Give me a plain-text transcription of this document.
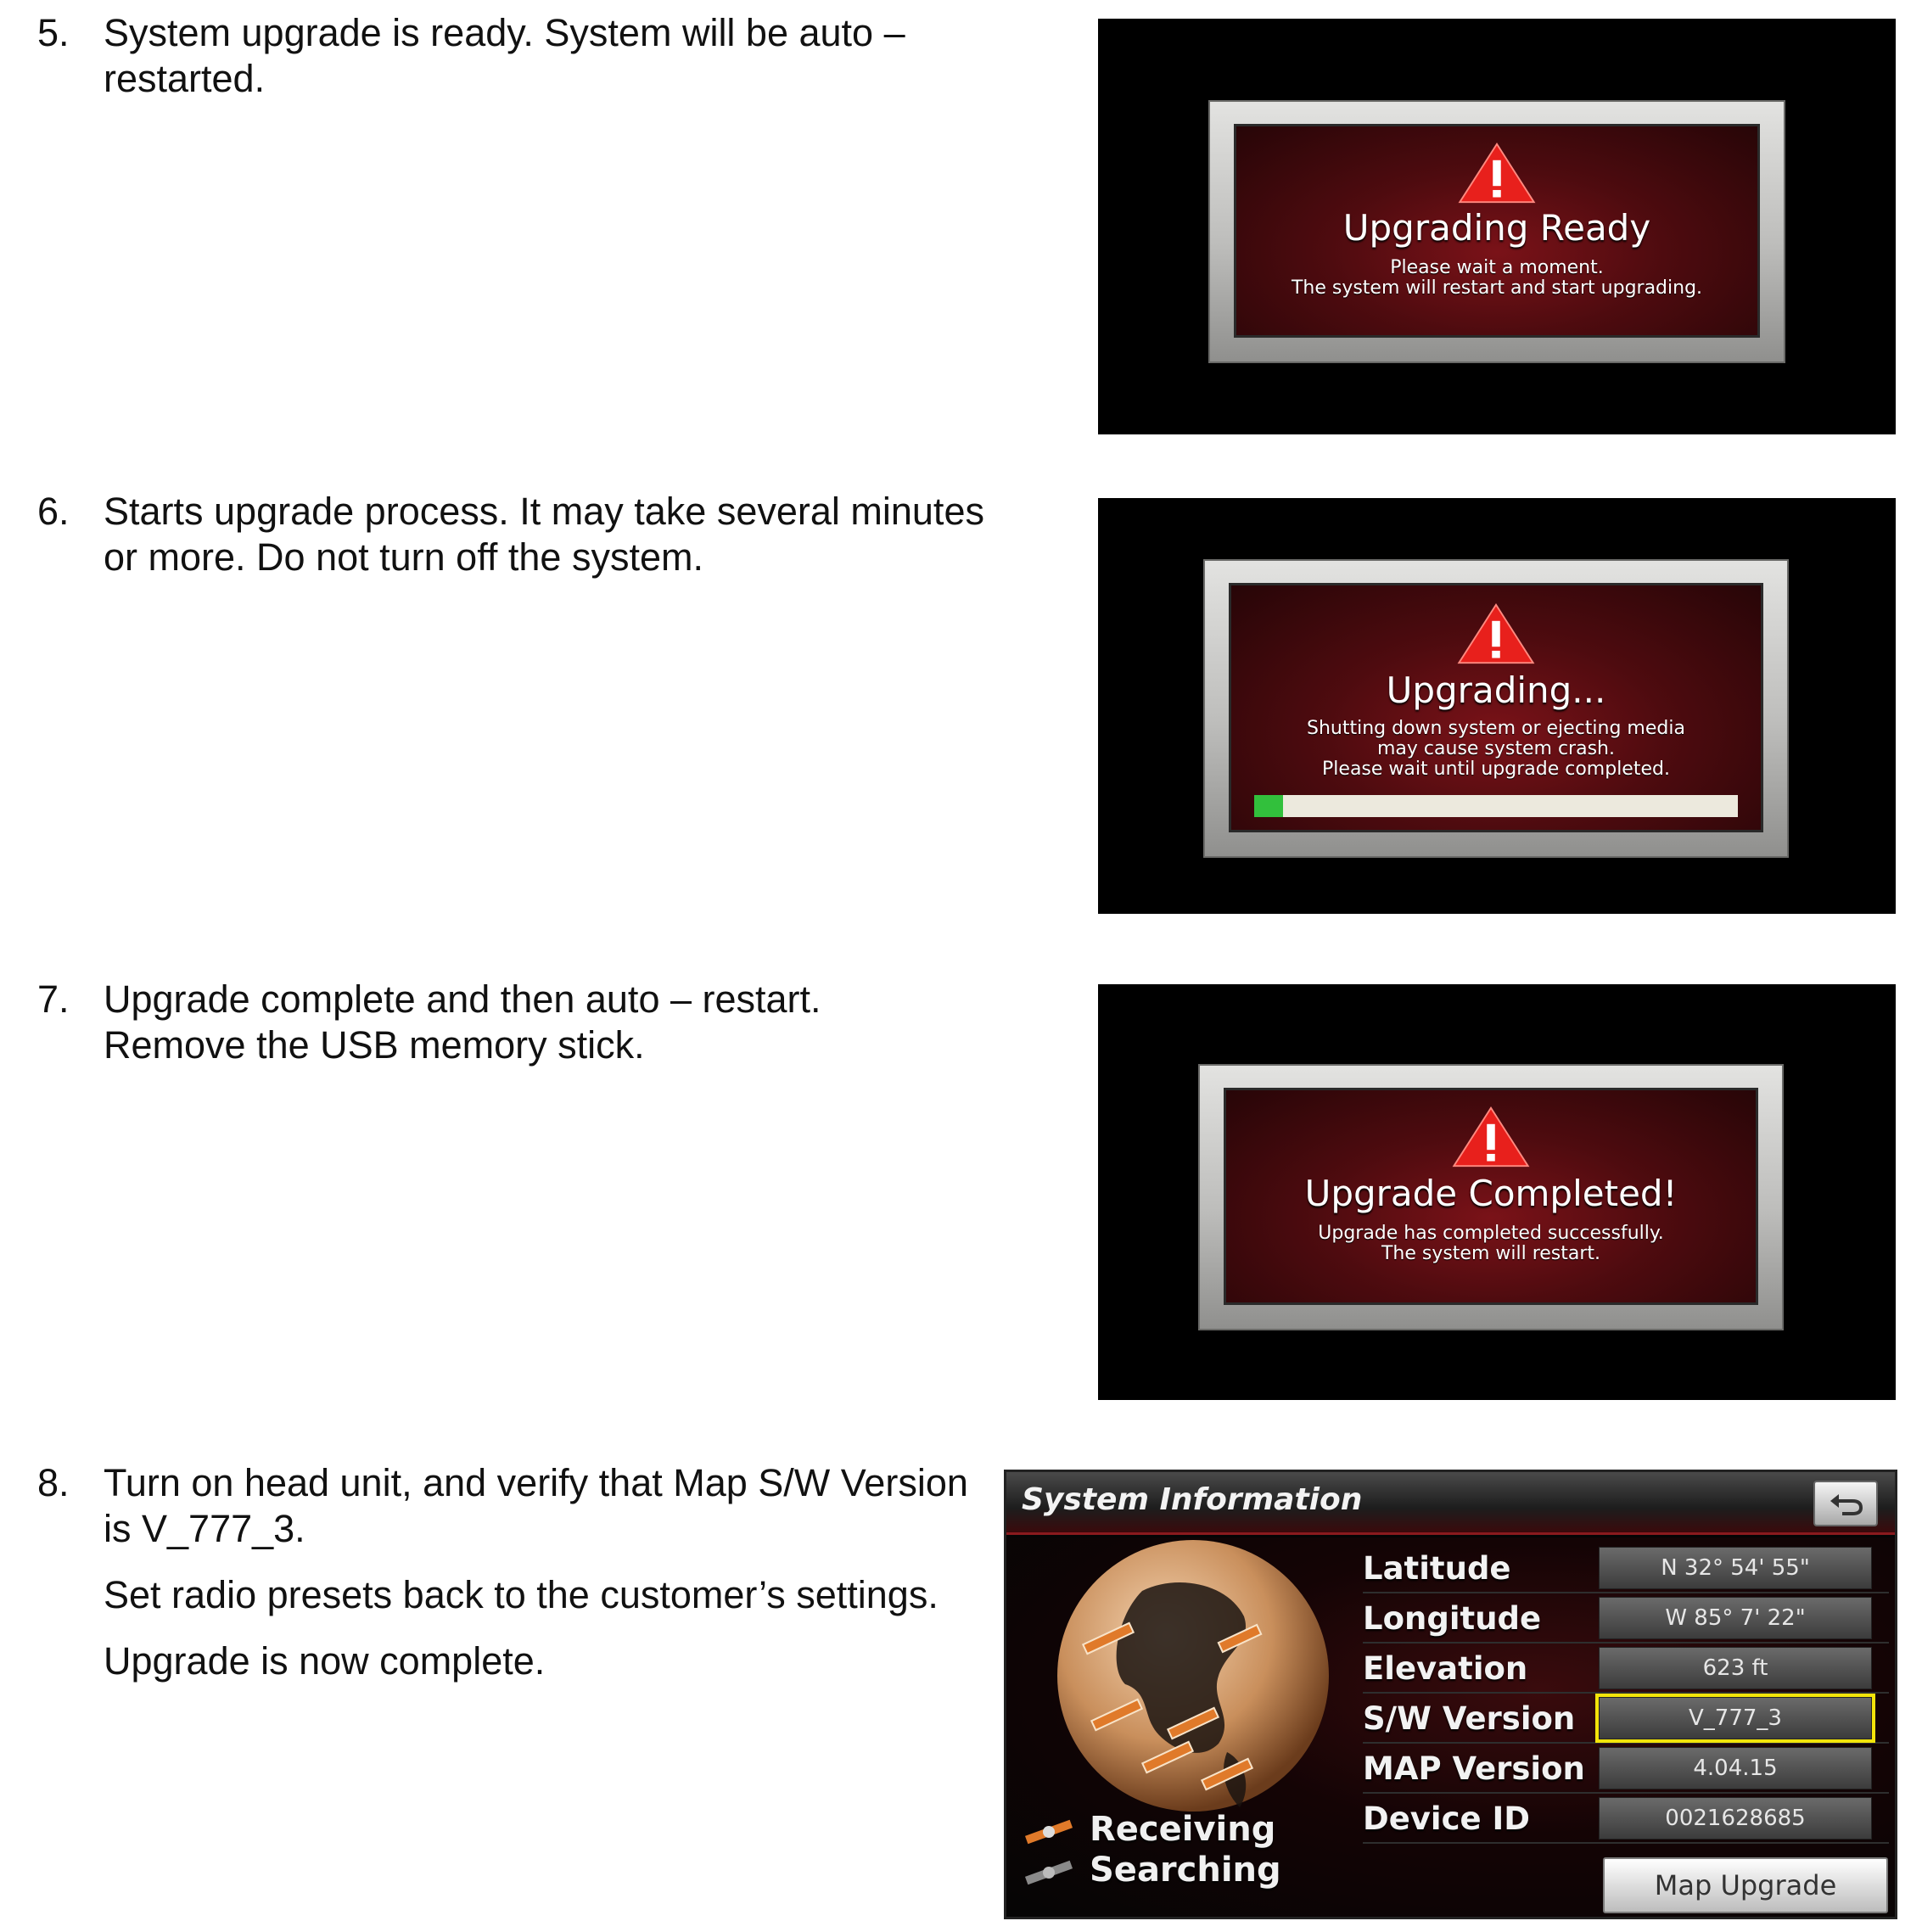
5. System upgrade is ready. System will be auto – restarted.

6. Starts upgrade process. It may take several minutes or more. Do not turn off the system.

7. Upgrade complete and then auto – restart. Remove the USB memory stick.

8. Turn on head unit, and verify that Map S/W Version is V_777_3.

Set radio presets back to the customer’s settings.

Upgrade is now complete.

Upgrading Ready
Please wait a moment.
The system will restart and start upgrading.
Upgrading...
Shutting down system or ejecting media
may cause system crash.
Please wait until upgrade completed.
Upgrade Completed!
Upgrade has completed successfully.
The system will restart.
System Information
Receiving
Searching
Latitude	N 32° 54' 55"
Longitude	W 85° 7' 22"
Elevation	623 ft
S/W Version	V_777_3
MAP Version	4.04.15
Device ID	0021628685
Map Upgrade
